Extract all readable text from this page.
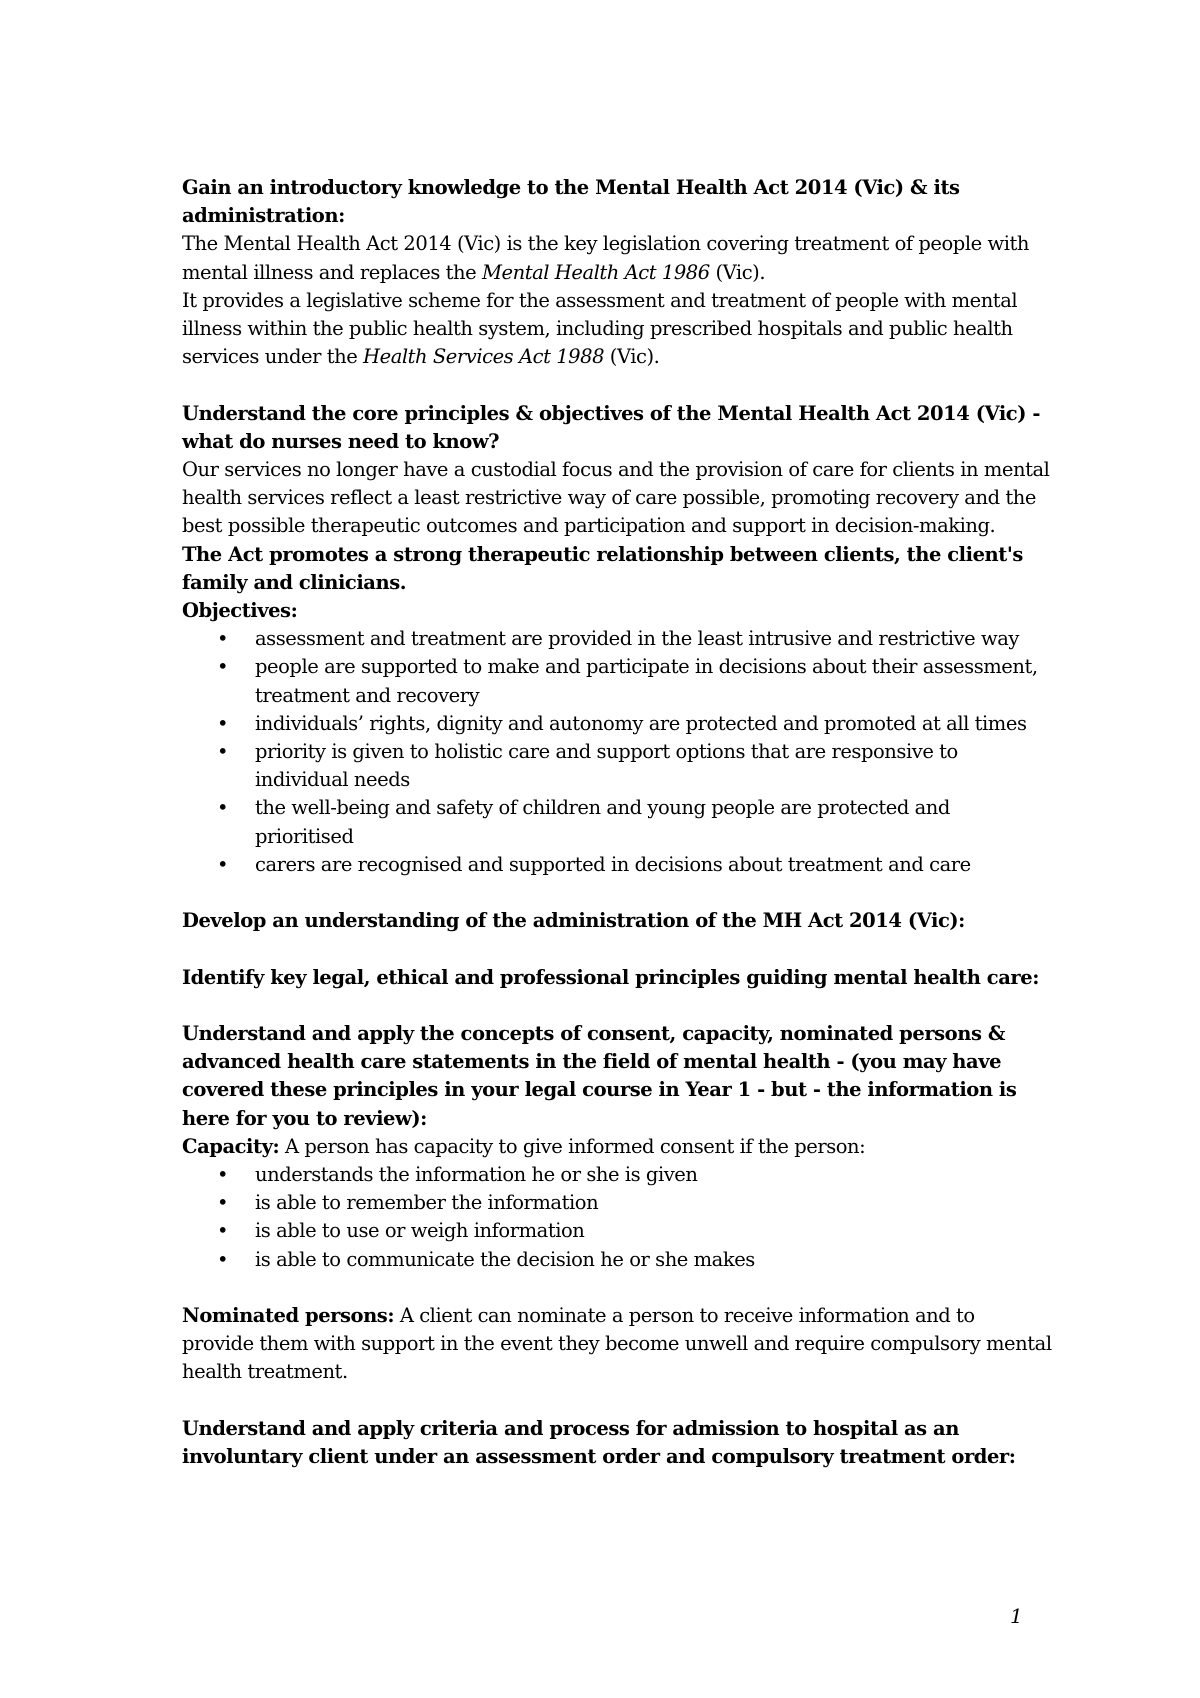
Gain an introductory knowledge to the Mental Health Act 2014 (Vic) & its administration:

The Mental Health Act 2014 (Vic) is the key legislation covering treatment of people with mental illness and replaces the Mental Health Act 1986 (Vic).

It provides a legislative scheme for the assessment and treatment of people with mental illness within the public health system, including prescribed hospitals and public health services under the Health Services Act 1988 (Vic).

Understand the core principles & objectives of the Mental Health Act 2014 (Vic) - what do nurses need to know?

Our services no longer have a custodial focus and the provision of care for clients in mental health services reflect a least restrictive way of care possible, promoting recovery and the best possible therapeutic outcomes and participation and support in decision-making.

The Act promotes a strong therapeutic relationship between clients, the client's family and clinicians.

Objectives:

• assessment and treatment are provided in the least intrusive and restrictive way
• people are supported to make and participate in decisions about their assessment, treatment and recovery
• individuals’ rights, dignity and autonomy are protected and promoted at all times
• priority is given to holistic care and support options that are responsive to individual needs
• the well-being and safety of children and young people are protected and prioritised
• carers are recognised and supported in decisions about treatment and care

Develop an understanding of the administration of the MH Act 2014 (Vic):

Identify key legal, ethical and professional principles guiding mental health care:

Understand and apply the concepts of consent, capacity, nominated persons & advanced health care statements in the field of mental health - (you may have covered these principles in your legal course in Year 1 - but - the information is here for you to review):

Capacity: A person has capacity to give informed consent if the person:

• understands the information he or she is given
• is able to remember the information
• is able to use or weigh information
• is able to communicate the decision he or she makes

Nominated persons: A client can nominate a person to receive information and to provide them with support in the event they become unwell and require compulsory mental health treatment.

Understand and apply criteria and process for admission to hospital as an involuntary client under an assessment order and compulsory treatment order:

1
